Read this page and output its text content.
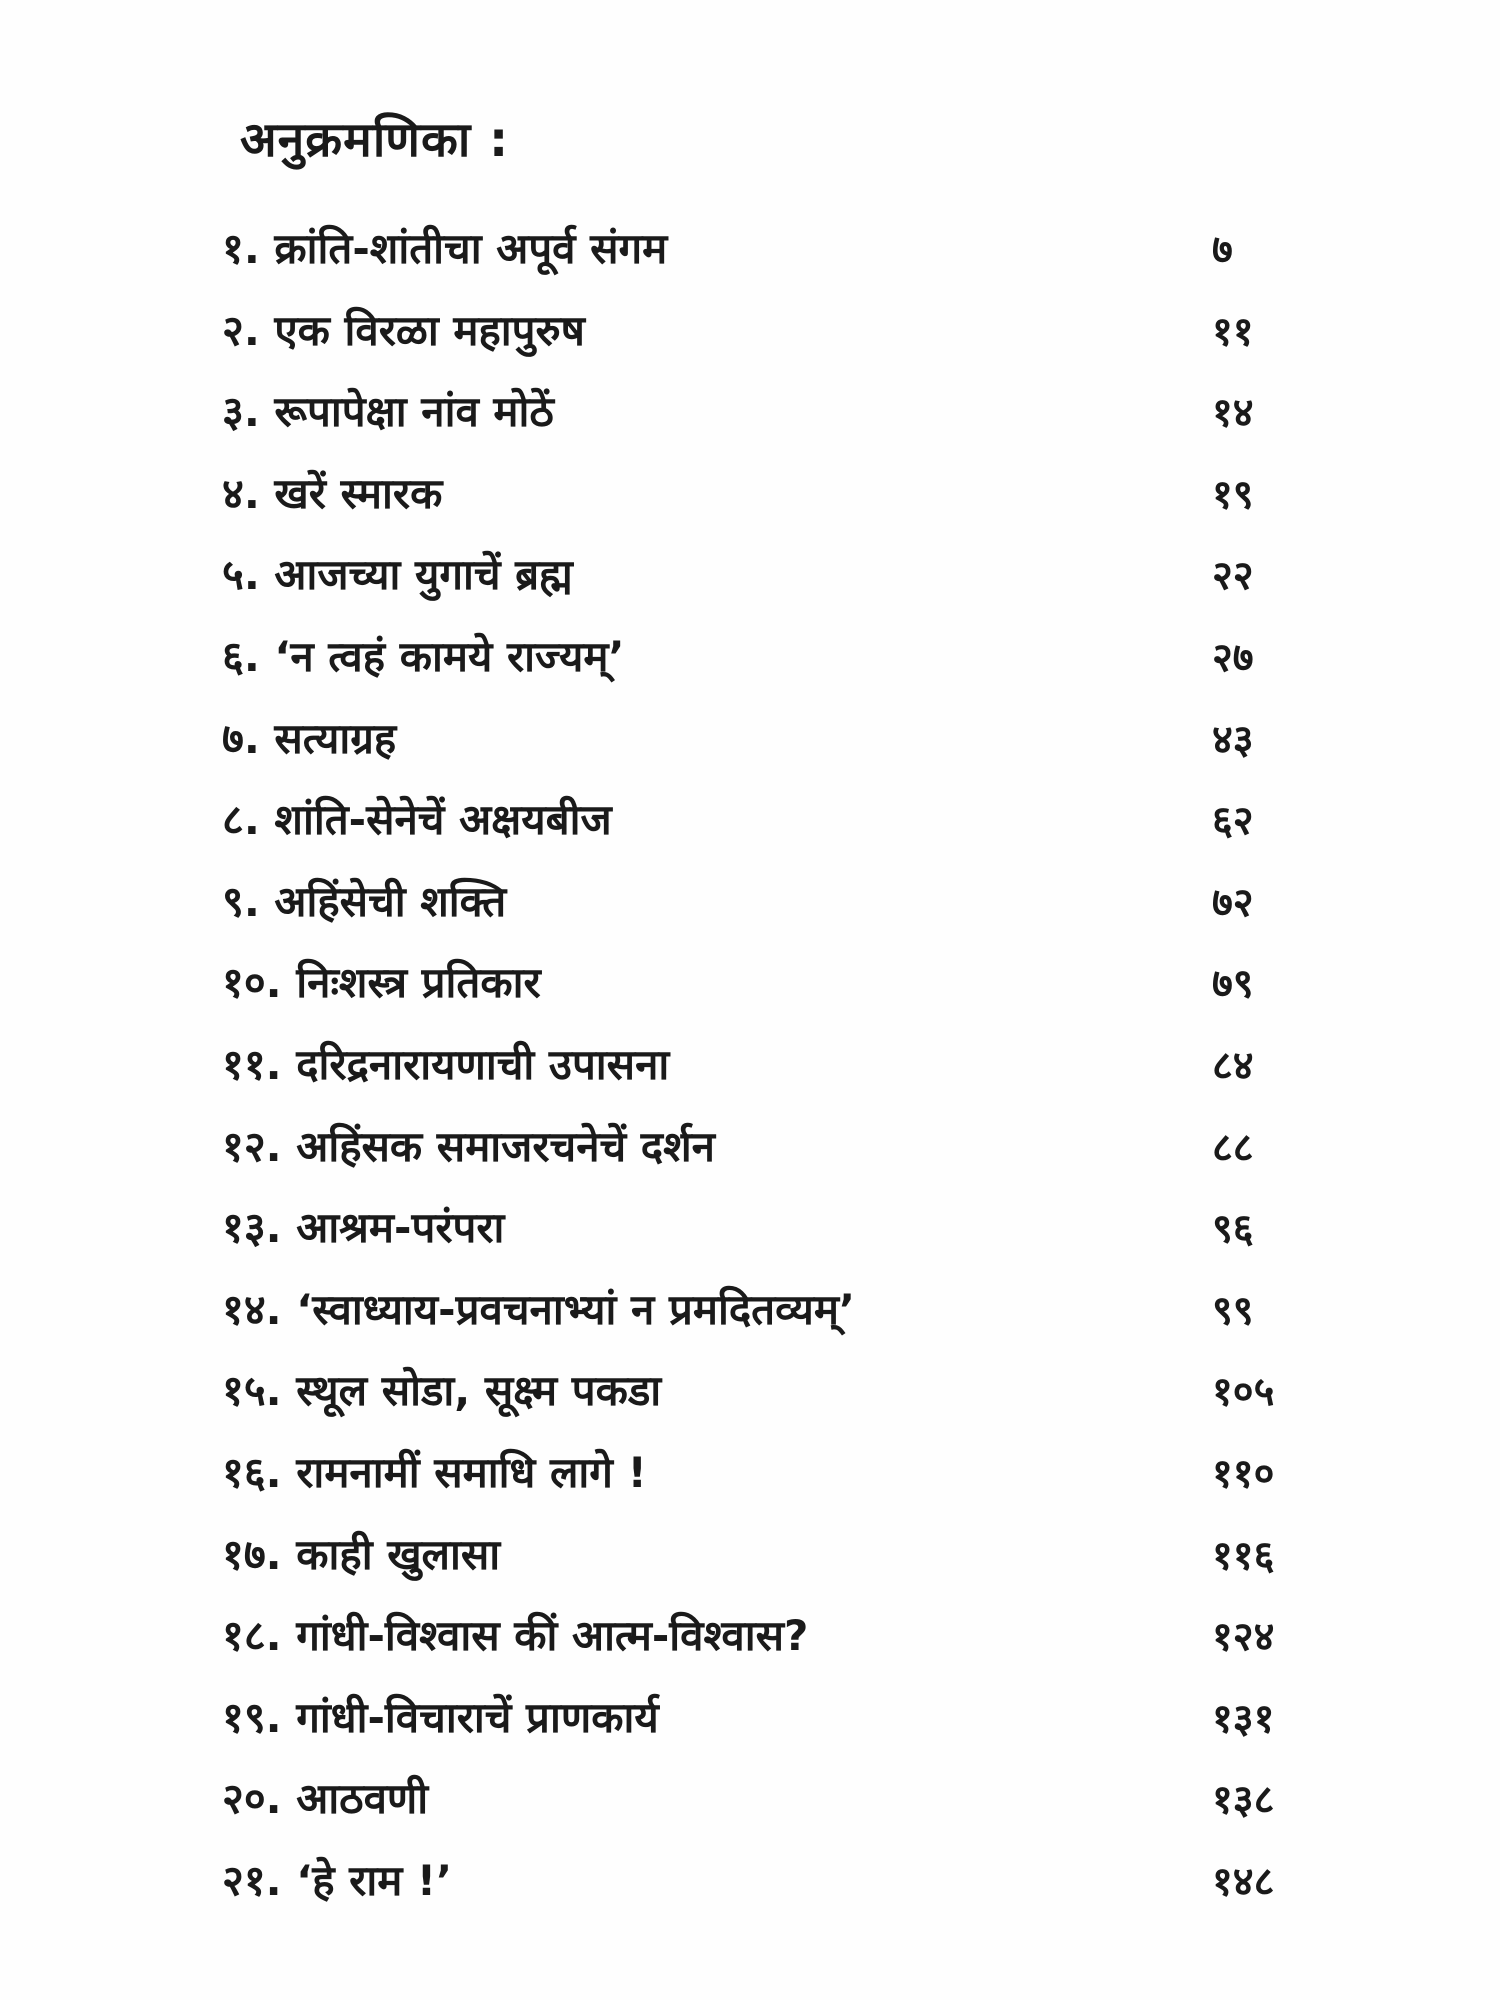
अनुक्रमणिका :
१. क्रांति-शांतीचा अपूर्व संगम	७
२. एक विरळा महापुरुष	११
३. रूपापेक्षा नांव मोठें	१४
४. खरें स्मारक	१९
५. आजच्या युगाचें ब्रह्म	२२
६. ‘न त्वहं कामये राज्यम्’	२७
७. सत्याग्रह	४३
८. शांति-सेनेचें अक्षयबीज	६२
९. अहिंसेची शक्ति	७२
१०. निःशस्त्र प्रतिकार	७९
११. दरिद्रनारायणाची उपासना	८४
१२. अहिंसक समाजरचनेचें दर्शन	८८
१३. आश्रम-परंपरा	९६
१४. ‘स्वाध्याय-प्रवचनाभ्यां न प्रमदितव्यम्’	९९
१५. स्थूल सोडा, सूक्ष्म पकडा	१०५
१६. रामनामीं समाधि लागे !	११०
१७. काही खुलासा	११६
१८. गांधी-विश्वास कीं आत्म-विश्वास?	१२४
१९. गांधी-विचाराचें प्राणकार्य	१३१
२०. आठवणी	१३८
२१. ‘हे राम !’	१४८
